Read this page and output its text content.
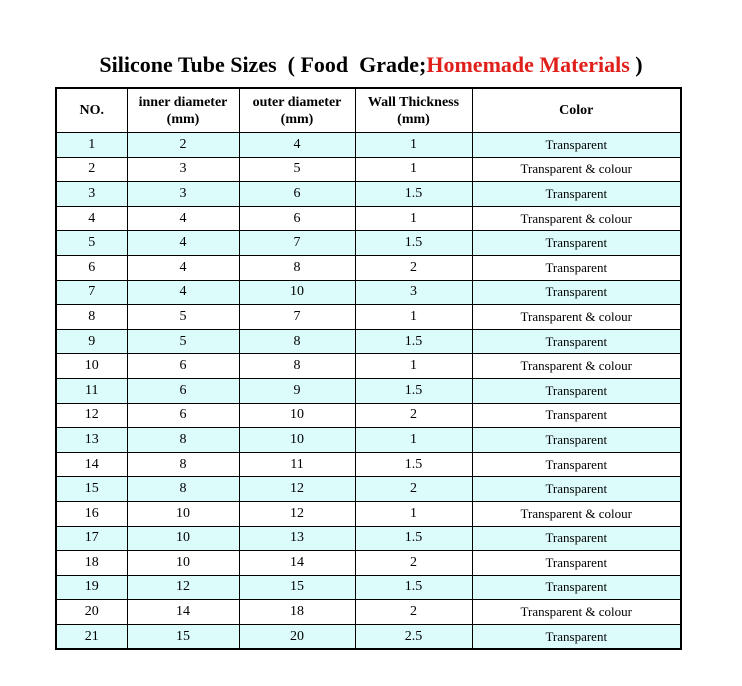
Silicone Tube Sizes  ( Food  Grade;Homemade Materials )
NO.	inner diameter (mm)	outer diameter (mm)	Wall Thickness (mm)	Color
1	2	4	1	Transparent
2	3	5	1	Transparent & colour
3	3	6	1.5	Transparent
4	4	6	1	Transparent & colour
5	4	7	1.5	Transparent
6	4	8	2	Transparent
7	4	10	3	Transparent
8	5	7	1	Transparent & colour
9	5	8	1.5	Transparent
10	6	8	1	Transparent & colour
11	6	9	1.5	Transparent
12	6	10	2	Transparent
13	8	10	1	Transparent
14	8	11	1.5	Transparent
15	8	12	2	Transparent
16	10	12	1	Transparent & colour
17	10	13	1.5	Transparent
18	10	14	2	Transparent
19	12	15	1.5	Transparent
20	14	18	2	Transparent & colour
21	15	20	2.5	Transparent
